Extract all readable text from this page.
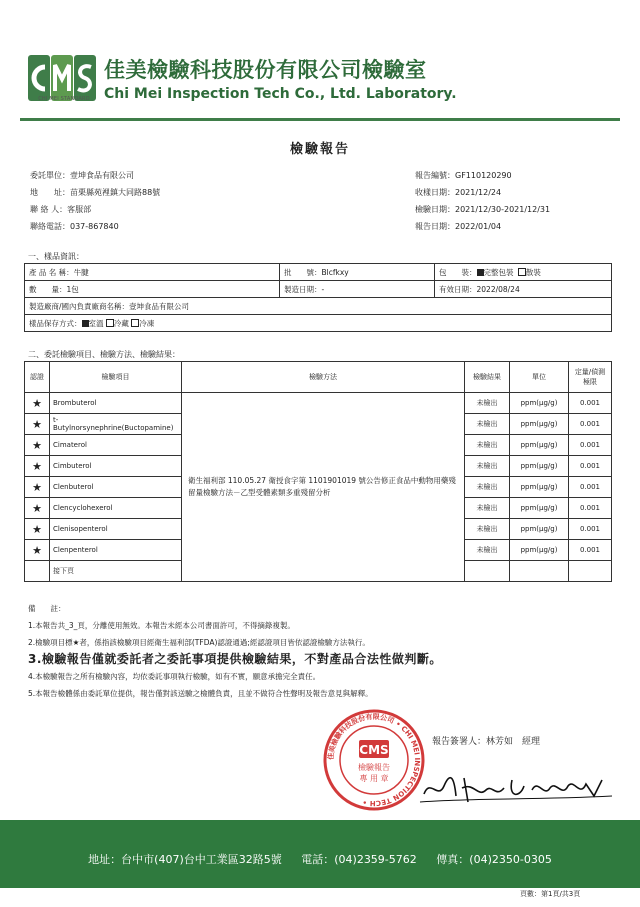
CHI MEI STANDARD
佳美檢驗科技股份有限公司檢驗室
Chi Mei Inspection Tech Co., Ltd. Laboratory.
檢驗報告
委託單位：壹坤食品有限公司
地　　址：苗栗縣苑裡鎮大同路88號
聯 絡 人：客服部
聯絡電話：037-867840
報告編號：GF110120290
收樣日期：2021/12/24
檢驗日期：2021/12/30-2021/12/31
報告日期：2022/01/04
一、樣品資訊：
產 品 名 稱：牛腱	批　　號：Blcfkxy	包　　裝： 完整包裝 散裝
數　　量：1包	製造日期：-	有效日期：2022/08/24
製造廠商/國內負責廠商名稱：壹坤食品有限公司		
樣品保存方式： 室溫 冷藏 冷凍		
二、委託檢驗項目、檢驗方法、檢驗結果：
認證	檢驗項目	檢驗方法	檢驗結果	單位	定量/偵測極限
★	Brombuterol	衛生福利部 110.05.27 衛授食字第 1101901019 號公告修正食品中動物用藥殘留量檢驗方法－乙型受體素類多重殘留分析	未檢出	ppm(μg/g)	0.001
★	t-Butylnorsynephrine(Buctopamine)		未檢出	ppm(μg/g)	0.001
★	Cimaterol		未檢出	ppm(μg/g)	0.001
★	Cimbuterol		未檢出	ppm(μg/g)	0.001
★	Clenbuterol		未檢出	ppm(μg/g)	0.001
★	Clencyclohexerol		未檢出	ppm(μg/g)	0.001
★	Clenisopenterol		未檢出	ppm(μg/g)	0.001
★	Clenpenterol		未檢出	ppm(μg/g)	0.001
	接下頁				
備　　註：
1.本報告共_3_頁，分離使用無效。本報告未經本公司書面許可，不得摘錄複製。
2.檢驗項目標★者，係指該檢驗項目經衛生福利部(TFDA)認證通過;經認證項目皆依認證檢驗方法執行。
3.檢驗報告僅就委託者之委託事項提供檢驗結果，不對產品合法性做判斷。
4.本檢驗報告之所有檢驗內容，均依委託事項執行檢驗，如有不實，願意承擔完全責任。
5.本報告檢體係由委託單位提供，報告僅對該送驗之檢體負責，且並不做符合性聲明及報告意見與解釋。
佳美檢驗科技股份有限公司 • CHI MEI INSPECTION TECH •
CMS
檢驗報告
專 用 章
報告簽署人：林芳如　經理
地址：台中市(407)台中工業區32路5號 電話：(04)2359-5762 傳真：(04)2350-0305
頁數：第1頁/共3頁
